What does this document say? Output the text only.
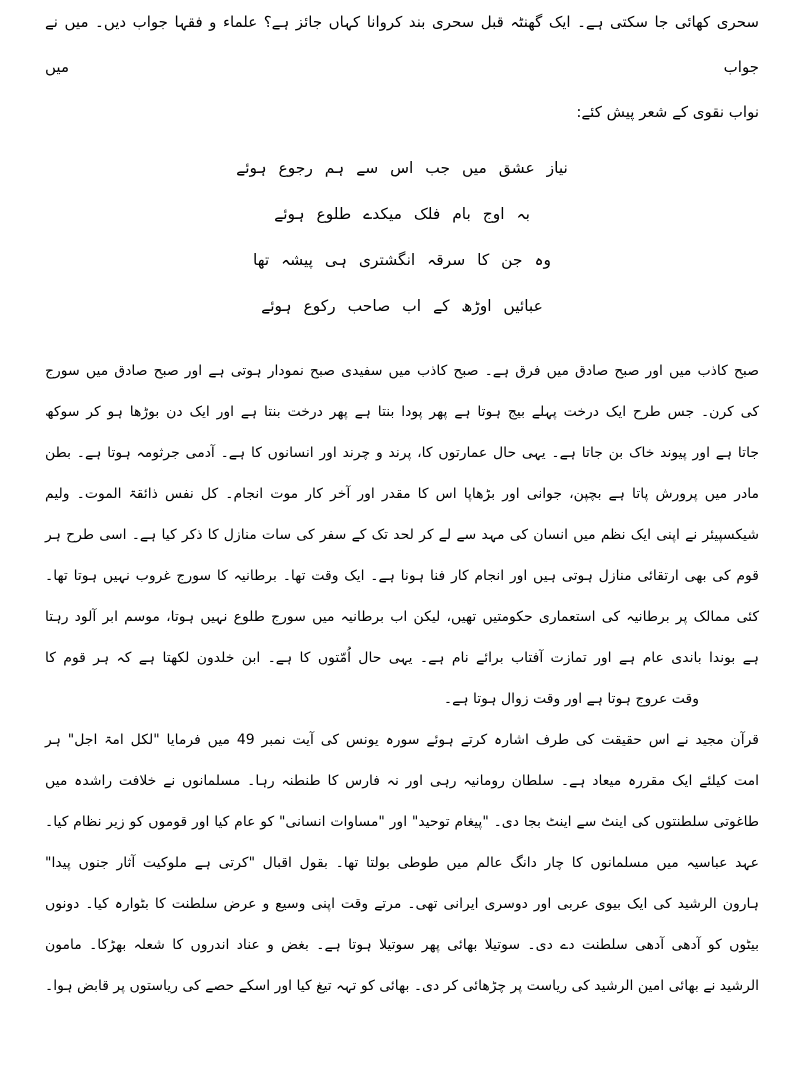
سحری کھائی جا سکتی ہے۔ ایک گھنٹہ قبل سحری بند کروانا کہاں جائز ہے؟ علماء و فقہا جواب دیں۔ میں نے جواب میں
نواب نقوی کے شعر پیش کئے:
نیاز عشق میں جب اس سے ہم رجوع ہوئے
بہ اوج بام فلک میکدے طلوع ہوئے
وہ جن کا سرقہ انگشتری ہی پیشہ تھا
عبائیں اوڑھ کے اب صاحب رکوع ہوئے
صبح کاذب میں اور صبح صادق میں فرق ہے۔ صبح کاذب میں سفیدی صبح نمودار ہوتی ہے اور صبح صادق میں سورج
کی کرن۔ جس طرح ایک درخت پہلے بیج ہوتا ہے پھر پودا بنتا ہے پھر درخت بنتا ہے اور ایک دن بوڑھا ہو کر سوکھ
جاتا ہے اور پیوند خاک بن جاتا ہے۔ یہی حال عمارتوں کا، پرند و چرند اور انسانوں کا ہے۔ آدمی جرثومہ ہوتا ہے۔ بطن
مادر میں پرورش پاتا ہے بچپن، جوانی اور بڑھاپا اس کا مقدر اور آخر کار موت انجام۔ کل نفس ذائقۃ الموت۔ ولیم
شیکسپیئر نے اپنی ایک نظم میں انسان کی مہد سے لے کر لحد تک کے سفر کی سات منازل کا ذکر کیا ہے۔ اسی طرح ہر
قوم کی بھی ارتقائی منازل ہوتی ہیں اور انجام کار فنا ہونا ہے۔ ایک وقت تھا۔ برطانیہ کا سورج غروب نہیں ہوتا تھا۔
کئی ممالک پر برطانیہ کی استعماری حکومتیں تھیں، لیکن اب برطانیہ میں سورج طلوع نہیں ہوتا، موسم ابر آلود رہتا
ہے بوندا باندی عام ہے اور تمازت آفتاب برائے نام ہے۔ یہی حال اُمّتوں کا ہے۔ ابن خلدون لکھتا ہے کہ ہر قوم کا
وقت عروج ہوتا ہے اور وقت زوال ہوتا ہے۔
قرآن مجید نے اس حقیقت کی طرف اشارہ کرتے ہوئے سورہ یونس کی آیت نمبر 49 میں فرمایا "لکل امۃ اجل" ہر
امت کیلئے ایک مقررہ میعاد ہے۔ سلطان رومانیہ رہی اور نہ فارس کا طنطنہ رہا۔ مسلمانوں نے خلافت راشدہ میں
طاغوتی سلطنتوں کی اینٹ سے اینٹ بجا دی۔ "پیغام توحید" اور "مساوات انسانی" کو عام کیا اور قوموں کو زیر نظام کیا۔
عہد عباسیہ میں مسلمانوں کا چار دانگ عالم میں طوطی بولتا تھا۔ بقول اقبال "کرتی ہے ملوکیت آثار جنوں پیدا"
ہارون الرشید کی ایک بیوی عربی اور دوسری ایرانی تھی۔ مرتے وقت اپنی وسیع و عرض سلطنت کا بٹوارہ کیا۔ دونوں
بیٹوں کو آدھی آدھی سلطنت دے دی۔ سوتیلا بھائی پھر سوتیلا ہوتا ہے۔ بغض و عناد اندروں کا شعلہ بھڑکا۔ مامون
الرشید نے بھائی امین الرشید کی ریاست پر چڑھائی کر دی۔ بھائی کو تہہ تیغ کیا اور اسکے حصے کی ریاستوں پر قابض ہوا۔
